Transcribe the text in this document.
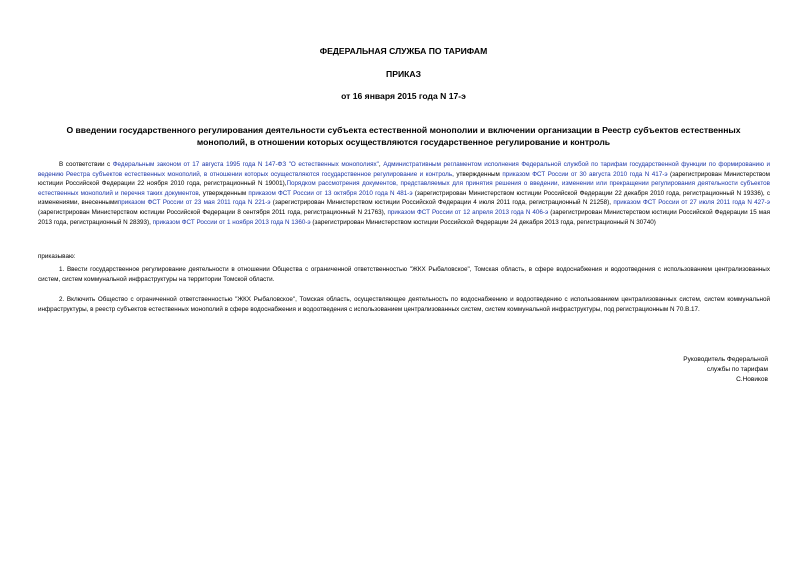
ФЕДЕРАЛЬНАЯ СЛУЖБА ПО ТАРИФАМ
ПРИКАЗ
от 16 января 2015 года N 17-э
О введении государственного регулирования деятельности субъекта естественной монополии и включении организации в Реестр субъектов естественных
монополий, в отношении которых осуществляются государственное регулирование и контроль
В соответствии с Федеральным законом от 17 августа 1995 года N 147-ФЗ "О естественных монополиях", Административным регламентом исполнения Федеральной службой по тарифам государственной функции по формированию и ведению Реестра субъектов естественных монополий, в отношении которых осуществляются государственное регулирование и контроль, утвержденным приказом ФСТ России от 30 августа 2010 года N 417-э (зарегистрирован Министерством юстиции Российской Федерации 22 ноября 2010 года, регистрационный N 19001),Порядком рассмотрения документов, представляемых для принятия решения о введении, изменении или прекращении регулирования деятельности субъектов естественных монополий и перечня таких документов, утвержденным приказом ФСТ России от 13 октября 2010 года N 481-э (зарегистрирован Министерством юстиции Российской Федерации 22 декабря 2010 года, регистрационный N 19336), с изменениями, внесеннымиприказом ФСТ России от 23 мая 2011 года N 221-э (зарегистрирован Министерством юстиции Российской Федерации 4 июля 2011 года, регистрационный N 21258), приказом ФСТ России от 27 июля 2011 года N 427-э (зарегистрирован Министерством юстиции Российской Федерации 8 сентября 2011 года, регистрационный N 21763), приказом ФСТ России от 12 апреля 2013 года N 406-э (зарегистрирован Министерством юстиции Российской Федерации 15 мая 2013 года, регистрационный N 28393), приказом ФСТ России от 1 ноября 2013 года N 1360-э (зарегистрирован Министерством юстиции Российской Федерации 24 декабря 2013 года, регистрационный N 30740)
приказываю:
1. Ввести государственное регулирование деятельности в отношении Общества с ограниченной ответственностью "ЖКХ Рыбаловское", Томская область, в сфере водоснабжения и водоотведения с использованием централизованных систем, систем коммунальной инфраструктуры на территории Томской области.
2. Включить Общество с ограниченной ответственностью "ЖКХ Рыбаловское", Томская область, осуществляющее деятельность по водоснабжению и водоотведению с использованием централизованных систем, систем коммунальной инфраструктуры, в реестр субъектов естественных монополий в сфере водоснабжения и водоотведения с использованием централизованных систем, систем коммунальной инфраструктуры, под регистрационным N 70.В.17.
Руководитель Федеральной
службы по тарифам
С.Новиков
